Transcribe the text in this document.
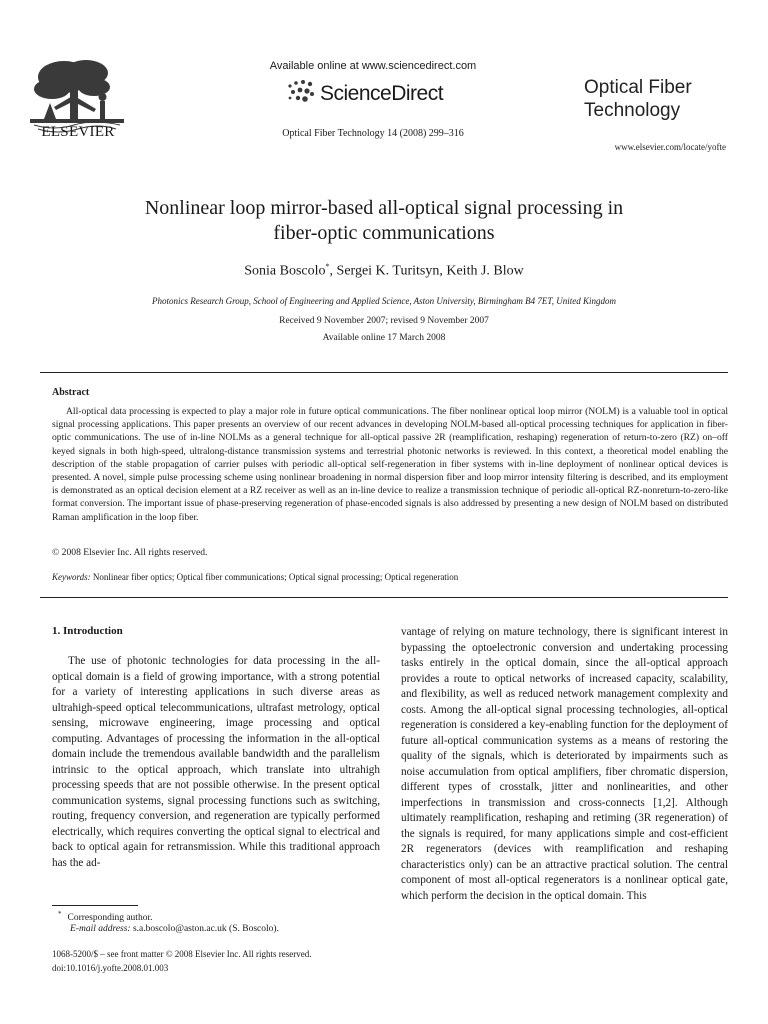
ELSEVIER
Available online at www.sciencedirect.com
ScienceDirect
Optical Fiber Technology 14 (2008) 299–316
Optical Fiber
Technology
www.elsevier.com/locate/yofte
Nonlinear loop mirror-based all-optical signal processing in
fiber-optic communications
Sonia Boscolo*, Sergei K. Turitsyn, Keith J. Blow
Photonics Research Group, School of Engineering and Applied Science, Aston University, Birmingham B4 7ET, United Kingdom
Received 9 November 2007; revised 9 November 2007
Available online 17 March 2008
Abstract

All-optical data processing is expected to play a major role in future optical communications. The fiber nonlinear optical loop mirror (NOLM) is a valuable tool in optical signal processing applications. This paper presents an overview of our recent advances in developing NOLM-based all-optical processing techniques for application in fiber-optic communications. The use of in-line NOLMs as a general technique for all-optical passive 2R (reamplification, reshaping) regeneration of return-to-zero (RZ) on–off keyed signals in both high-speed, ultralong-distance transmission systems and terrestrial photonic networks is reviewed. In this context, a theoretical model enabling the description of the stable propagation of carrier pulses with periodic all-optical self-regeneration in fiber systems with in-line deployment of nonlinear optical devices is presented. A novel, simple pulse processing scheme using nonlinear broadening in normal dispersion fiber and loop mirror intensity filtering is described, and its employment is demonstrated as an optical decision element at a RZ receiver as well as an in-line device to realize a transmission technique of periodic all-optical RZ-nonreturn-to-zero-like format conversion. The important issue of phase-preserving regeneration of phase-encoded signals is also addressed by presenting a new design of NOLM based on distributed Raman amplification in the loop fiber.

© 2008 Elsevier Inc. All rights reserved.
Keywords: Nonlinear fiber optics; Optical fiber communications; Optical signal processing; Optical regeneration
1. Introduction

The use of photonic technologies for data processing in the all-optical domain is a field of growing importance, with a strong potential for a variety of interesting applications in such diverse areas as ultrahigh-speed optical telecommunications, ultrafast metrology, optical sensing, microwave engineering, image processing and optical computing. Advantages of processing the information in the all-optical domain include the tremendous available bandwidth and the parallelism intrinsic to the optical approach, which translate into ultrahigh processing speeds that are not possible otherwise. In the present optical communication systems, signal processing functions such as switching, routing, frequency conversion, and regeneration are typically performed electrically, which requires converting the optical signal to electrical and back to optical again for retransmission. While this traditional approach has the ad-

vantage of relying on mature technology, there is significant interest in bypassing the optoelectronic conversion and undertaking processing tasks entirely in the optical domain, since the all-optical approach provides a route to optical networks of increased capacity, scalability, and flexibility, as well as reduced network management complexity and costs. Among the all-optical signal processing technologies, all-optical regeneration is considered a key-enabling function for the deployment of future all-optical communication systems as a means of restoring the quality of the signals, which is deteriorated by impairments such as noise accumulation from optical amplifiers, fiber chromatic dispersion, different types of crosstalk, jitter and nonlinearities, and other imperfections in transmission and cross-connects [1,2]. Although ultimately reamplification, reshaping and retiming (3R regeneration) of the signals is required, for many applications simple and cost-efficient 2R regenerators (devices with reamplification and reshaping characteristics only) can be an attractive practical solution. The central component of most all-optical regenerators is a nonlinear optical gate, which perform the decision in the optical domain. This

* Corresponding author.
E-mail address: s.a.boscolo@aston.ac.uk (S. Boscolo).
1068-5200/$ – see front matter © 2008 Elsevier Inc. All rights reserved.
doi:10.1016/j.yofte.2008.01.003
